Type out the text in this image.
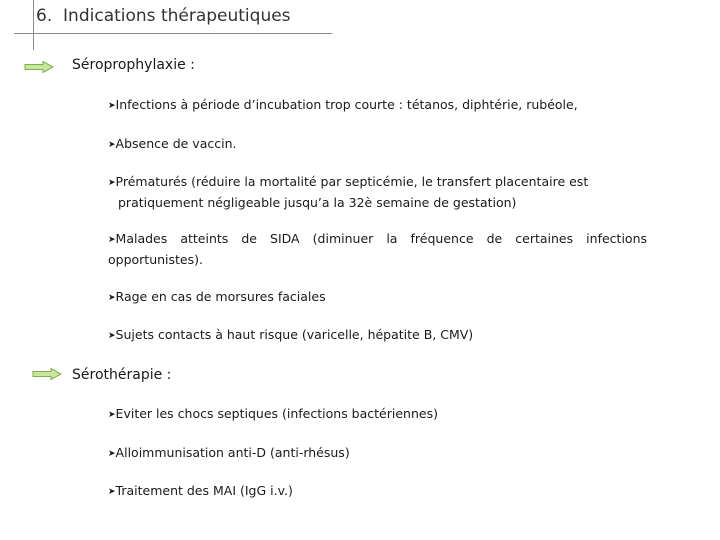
6. Indications thérapeutiques
Séroprophylaxie :
➤Infections à période d’incubation trop courte : tétanos, diphtérie, rubéole,
➤Absence de vaccin.
➤Prématurés (réduire la mortalité par septicémie, le transfert placentaire est
pratiquement négligeable jusqu’a la 32è semaine de gestation)
➤Malades atteints de SIDA (diminuer la fréquence de certaines infections
opportunistes).
➤Rage en cas de morsures faciales
➤Sujets contacts à haut risque (varicelle, hépatite B, CMV)
Sérothérapie :
➤Eviter les chocs septiques (infections bactériennes)
➤Alloimmunisation anti-D (anti-rhésus)
➤Traitement des MAI (IgG i.v.)
